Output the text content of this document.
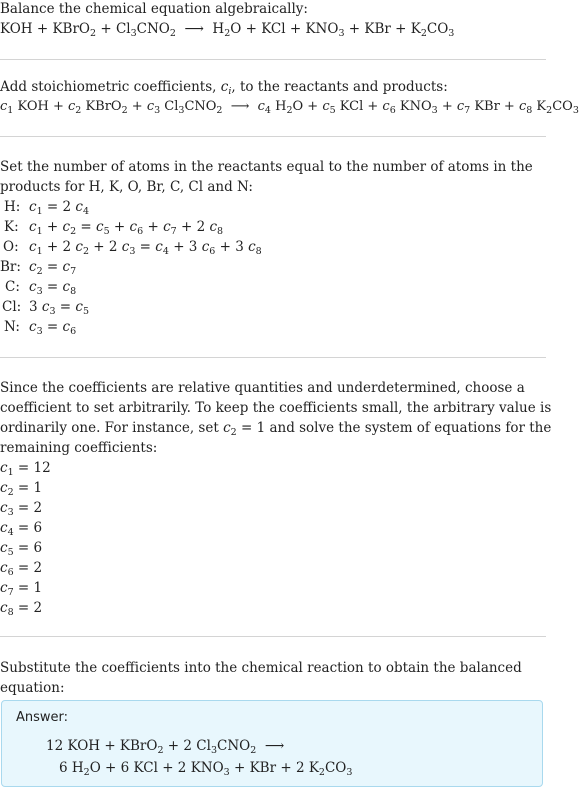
Balance the chemical equation algebraically:
KOH + KBrO$_2$ + $Cl_3CNO_2$  ⟶  $H_2O$ + KCl + $KNO_3$ + KBr + $K_2CO_3$
Add stoichiometric coefficients, $c_i$, to the reactants and products:
$c_1$ KOH + $c_2$ KBrO$_2$ + $c_3$ $Cl_3CNO_2$  ⟶  $c_4$ $H_2O + c_5$ KCl + $c_6$ $KNO_3 + c_7$ KBr + $c_8$ $K_2CO_3$
Set the number of atoms in the reactants equal to the number of atoms in the
products for H, K, O, Br, C, Cl and N:
H: $c_1 = 2$ $c_4$
K: $c_1 + c_2 = c_5 + c_6 + c_7 + 2$ $c_8$
O: $c_1 + 2$ $c_2 + 2$ $c_3 = c_4 + 3$ $c_6 + 3$ $c_8$
Br: $c_2 = c_7$
C: $c_3 = c_8$
Cl: 3 $c_3 = c_5$
N: $c_3 = c_6$
Since the coefficients are relative quantities and underdetermined, choose a
coefficient to set arbitrarily. To keep the coefficients small, the arbitrary value is
ordinarily one. For instance, set $c_2 = 1$ and solve the system of equations for the
remaining coefficients:
$c_1 = 12$
$c_2 = 1$
$c_3 = 2$
$c_4 = 6$
$c_5 = 6$
$c_6 = 2$
$c_7 = 1$
$c_8 = 2$
Substitute the coefficients into the chemical reaction to obtain the balanced
equation:
Answer:
12 KOH + KBrO$_2$ + 2 $Cl_3CNO_2$  ⟶
6 $H_2O + 6$ KCl + 2 $KNO_3$ + KBr + 2 $K_2CO_3$
